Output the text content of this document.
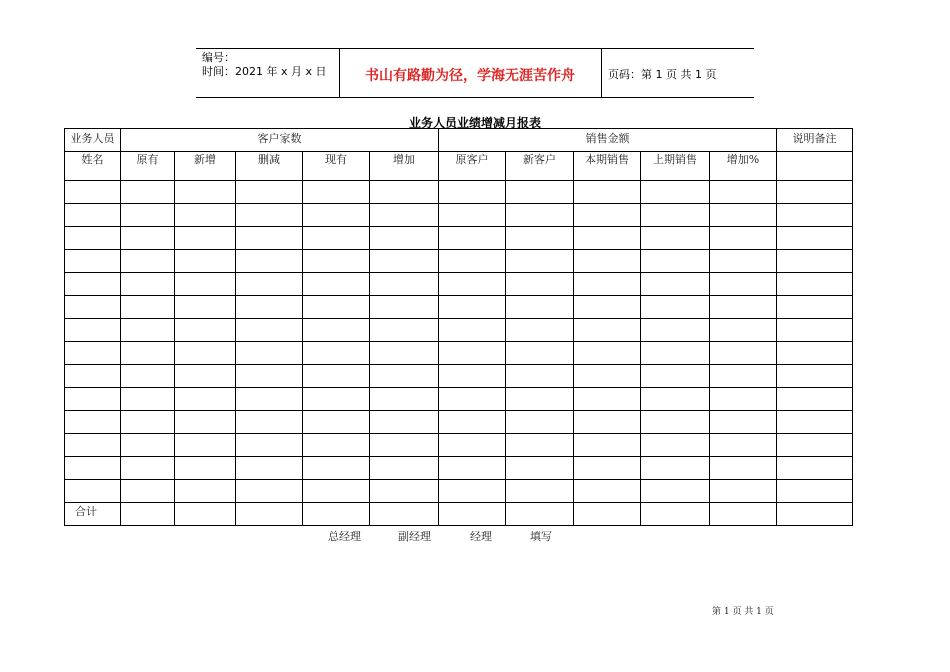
编号：
时间：2021 年 x 月 x 日	书山有路勤为径，学海无涯苦作舟	页码：第 1 页 共 1 页
业务人员业绩增减月报表
业务人员	客户家数					销售金额					说明备注

姓名	原有	新增	删减	现有	增加	原客户	新客户	本期销售	上期销售	增加%	

合计											
总经理	副经理	经理	填写
第 1 页 共 1 页
